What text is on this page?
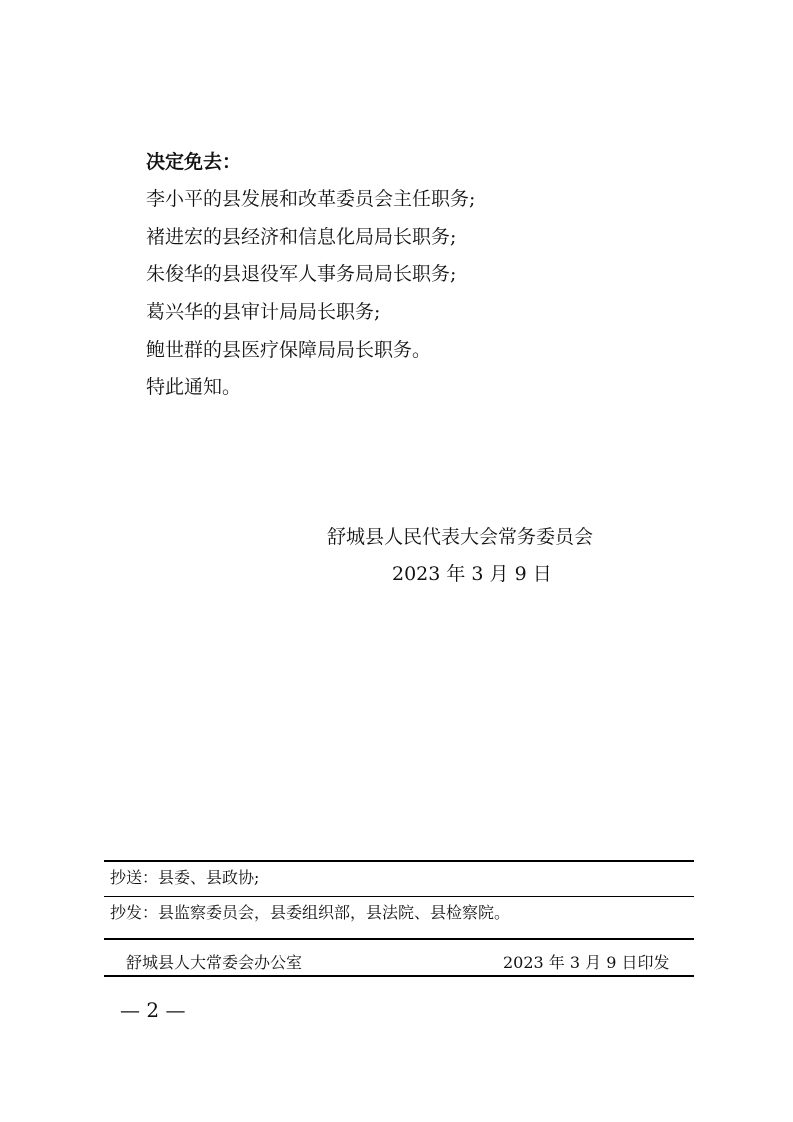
决定免去：
李小平的县发展和改革委员会主任职务;
褚进宏的县经济和信息化局局长职务;
朱俊华的县退役军人事务局局长职务;
葛兴华的县审计局局长职务;
鲍世群的县医疗保障局局长职务。
特此通知。
舒城县人民代表大会常务委员会
2023 年 3 月 9 日
抄送：县委、县政协;
抄发：县监察委员会，县委组织部，县法院、县检察院。
舒城县人大常委会办公室	2023 年 3 月 9 日印发
— 2 —
